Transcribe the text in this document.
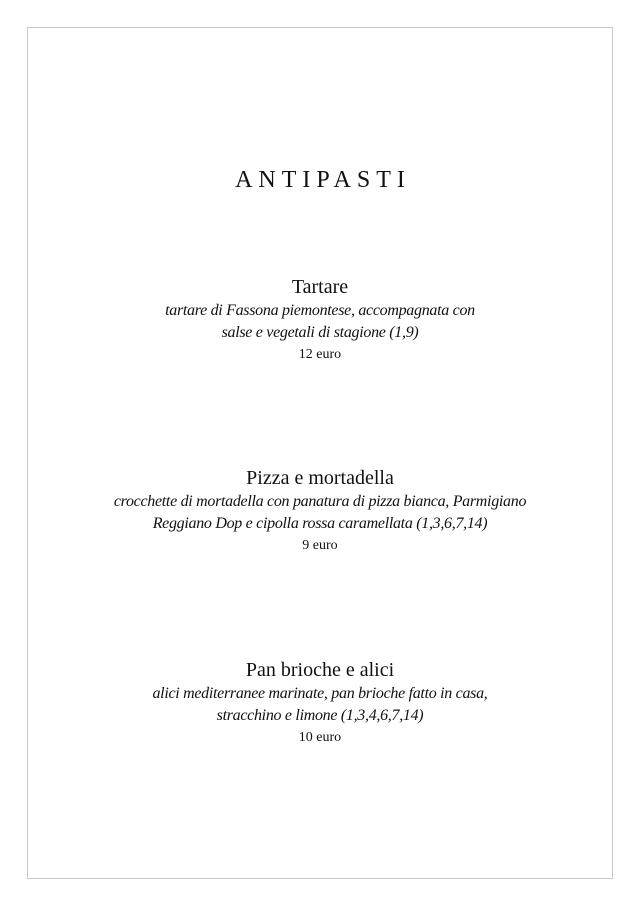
ANTIPASTI
Tartare
tartare di Fassona piemontese, accompagnata con
salse e vegetali di stagione (1,9)
12 euro
Pizza e mortadella
crocchette di mortadella con panatura di pizza bianca, Parmigiano
Reggiano Dop e cipolla rossa caramellata (1,3,6,7,14)
9 euro
Pan brioche e alici
alici mediterranee marinate, pan brioche fatto in casa,
stracchino e limone (1,3,4,6,7,14)
10 euro
